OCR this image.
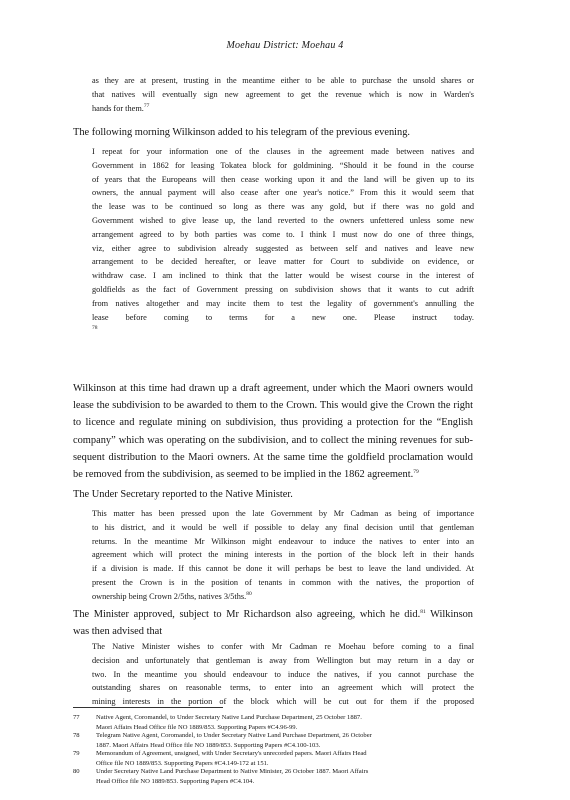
Moehau District: Moehau 4
as they are at present, trusting in the meantime either to be able to purchase the unsold shares or
that natives will eventually sign new agreement to get the revenue which is now in Warden's
hands for them.$^{77}$
The following morning Wilkinson added to his telegram of the previous evening.
I repeat for your information one of the clauses in the agreement made between natives and
Government in 1862 for leasing Tokatea block for goldmining. “Should it be found in the course
of years that the Europeans will then cease working upon it and the land will be given up to its
owners, the annual payment will also cease after one year's notice.” From this it would seem that
the lease was to be continued so long as there was any gold, but if there was no gold and
Government wished to give lease up, the land reverted to the owners unfettered unless some new
arrangement agreed to by both parties was come to. I think I must now do one of three things,
viz, either agree to subdivision already suggested as between self and natives and leave new
arrangement to be decided hereafter, or leave matter for Court to subdivide on evidence, or
withdraw case. I am inclined to think that the latter would be wisest course in the interest of
goldfields as the fact of Government pressing on subdivision shows that it wants to cut adrift
from natives altogether and may incite them to test the legality of government's annulling the
lease before coming to terms for a new one. Please instruct today.
$^{78}$
Wilkinson at this time had drawn up a draft agreement, under which the Maori owners would
lease the subdivision to be awarded to them to the Crown. This would give the Crown the right
to licence and regulate mining on subdivision, thus providing a protection for the “English
company” which was operating on the subdivision, and to collect the mining revenues for sub-
sequent distribution to the Maori owners. At the same time the goldfield proclamation would
be removed from the subdivision, as seemed to be implied in the 1862 agreement.$^{79}$
The Under Secretary reported to the Native Minister.
This matter has been pressed upon the late Government by Mr Cadman as being of importance
to his district, and it would be well if possible to delay any final decision until that gentleman
returns. In the meantime Mr Wilkinson might endeavour to induce the natives to enter into an
agreement which will protect the mining interests in the portion of the block left in their hands
if a division is made. If this cannot be done it will perhaps be best to leave the land undivided. At
present the Crown is in the position of tenants in common with the natives, the proportion of
ownership being Crown 2/5ths, natives 3/5ths.$^{80}$
The Minister approved, subject to Mr Richardson also agreeing, which he did.$^{81}$ Wilkinson
was then advised that
The Native Minister wishes to confer with Mr Cadman re Moehau before coming to a final
decision and unfortunately that gentleman is away from Wellington but may return in a day or
two. In the meantime you should endeavour to induce the natives, if you cannot purchase the
outstanding shares on reasonable terms, to enter into an agreement which will protect the
mining interests in the portion of the block which will be cut out for them if the proposed
77 Native Agent, Coromandel, to Under Secretary Native Land Purchase Department, 25 October 1887.
Maori Affairs Head Office file NO 1889/853. Supporting Papers #C4.96-99.
78 Telegram Native Agent, Coromandel, to Under Secretary Native Land Purchase Department, 26 October
1887. Maori Affairs Head Office file NO 1889/853. Supporting Papers #C4.100-103.
79 Memorandum of Agreement, unsigned, with Under Secretary's unrecorded papers. Maori Affairs Head
Office file NO 1889/853. Supporting Papers #C4.149-172 at 151.
80 Under Secretary Native Land Purchase Department to Native Minister, 26 October 1887. Maori Affairs
Head Office file NO 1889/853. Supporting Papers #C4.104.
